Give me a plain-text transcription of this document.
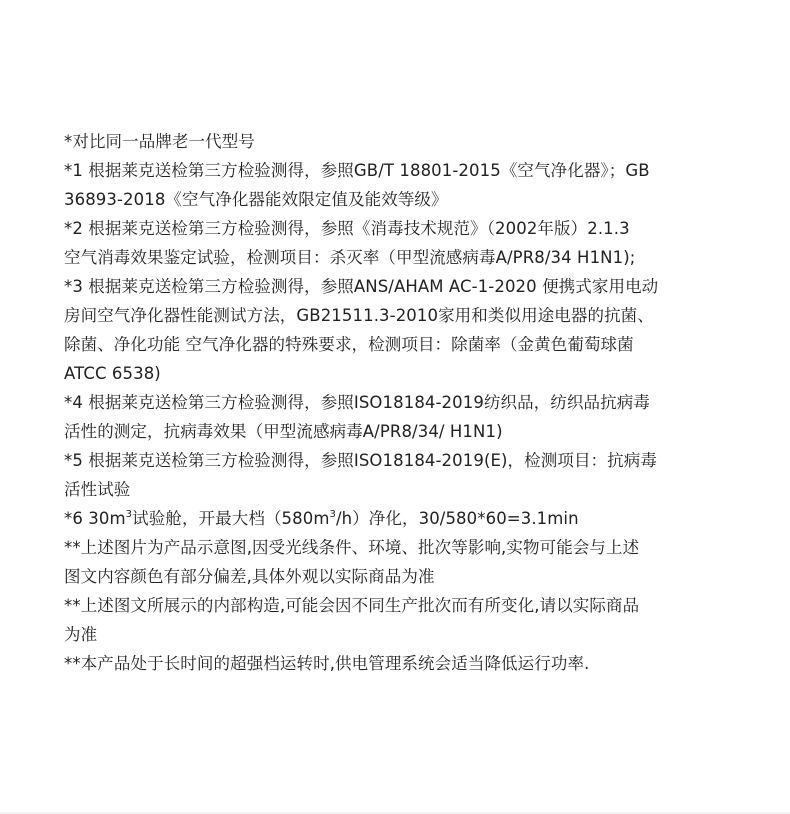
*对比同一品牌老一代型号
*1 根据莱克送检第三方检验测得，参照GB/T 18801-2015《空气净化器》；GB
36893-2018《空气净化器能效限定值及能效等级》
*2 根据莱克送检第三方检验测得，参照《消毒技术规范》（2002年版）2.1.3
空气消毒效果鉴定试验，检测项目：杀灭率（甲型流感病毒A/PR8/34 H1N1);
*3 根据莱克送检第三方检验测得，参照ANS/AHAM AC-1-2020 便携式家用电动
房间空气净化器性能测试方法，GB21511.3-2010家用和类似用途电器的抗菌、
除菌、净化功能 空气净化器的特殊要求，检测项目：除菌率（金黄色葡萄球菌
ATCC 6538)
*4 根据莱克送检第三方检验测得，参照ISO18184-2019纺织品，纺织品抗病毒
活性的测定，抗病毒效果（甲型流感病毒A/PR8/34/ H1N1)
*5 根据莱克送检第三方检验测得，参照ISO18184-2019(E)，检测项目：抗病毒
活性试验
*6 $30m^3$试验舱，开最大档$(580m^3/h)$净化，30/580*60=3.1min
**上述图片为产品示意图,因受光线条件、环境、批次等影响,实物可能会与上述
图文内容颜色有部分偏差,具体外观以实际商品为准
**上述图文所展示的内部构造,可能会因不同生产批次而有所变化,请以实际商品
为准
**本产品处于长时间的超强档运转时,供电管理系统会适当降低运行功率.
